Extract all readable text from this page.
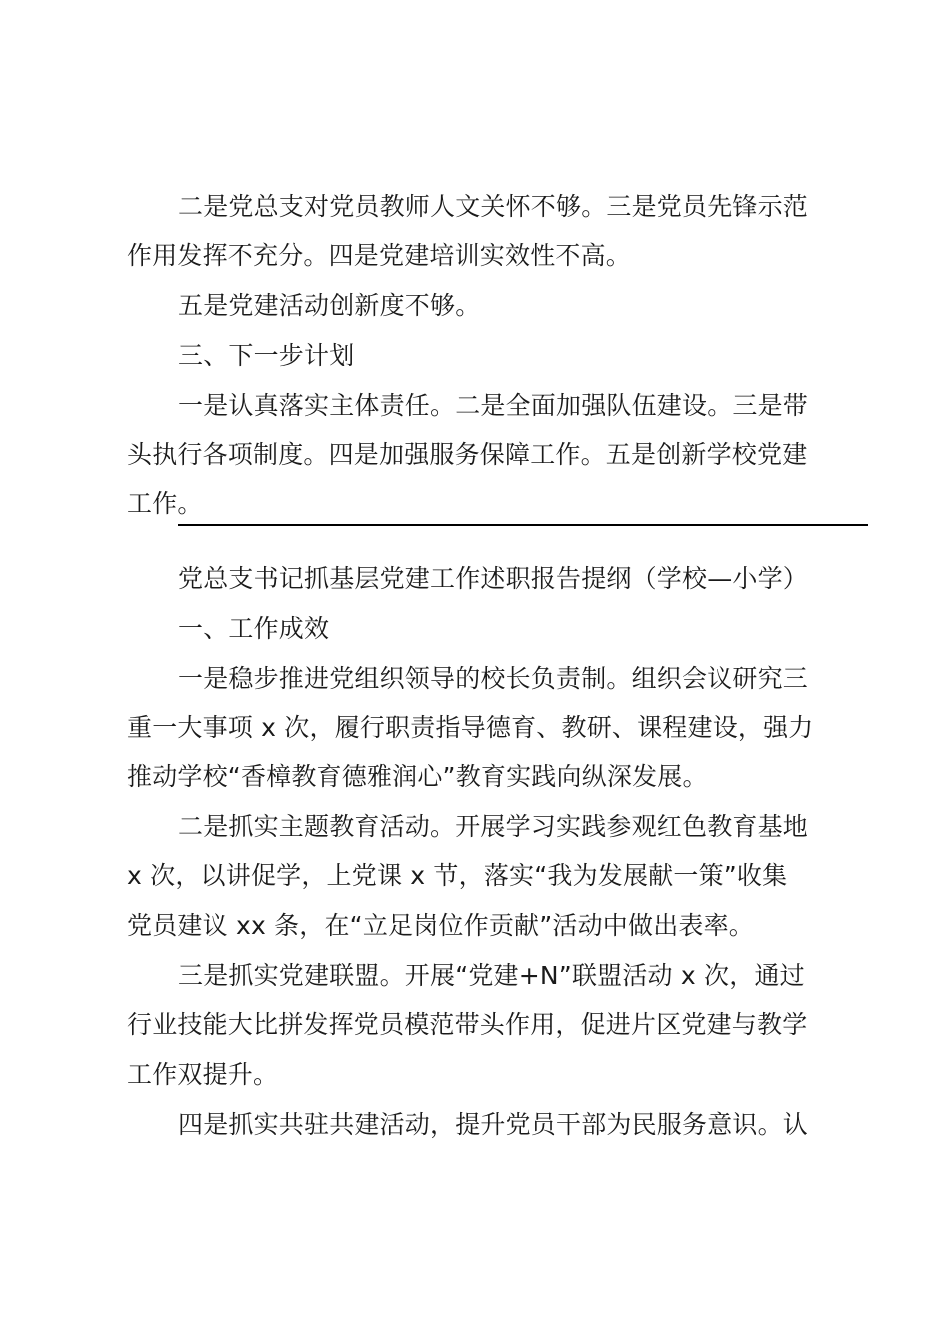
二是党总支对党员教师人文关怀不够。三是党员先锋示范
作用发挥不充分。四是党建培训实效性不高。
五是党建活动创新度不够。
三、下一步计划
一是认真落实主体责任。二是全面加强队伍建设。三是带
头执行各项制度。四是加强服务保障工作。五是创新学校党建
工作。
党总支书记抓基层党建工作述职报告提纲（学校—小学）
一、工作成效
一是稳步推进党组织领导的校长负责制。组织会议研究三
重一大事项 x 次，履行职责指导德育、教研、课程建设，强力
推动学校“香樟教育德雅润心”教育实践向纵深发展。
二是抓实主题教育活动。开展学习实践参观红色教育基地
x 次，以讲促学，上党课 x 节，落实“我为发展献一策”收集
党员建议 xx 条，在“立足岗位作贡献”活动中做出表率。
三是抓实党建联盟。开展“党建+N”联盟活动 x 次，通过
行业技能大比拼发挥党员模范带头作用，促进片区党建与教学
工作双提升。
四是抓实共驻共建活动，提升党员干部为民服务意识。认
